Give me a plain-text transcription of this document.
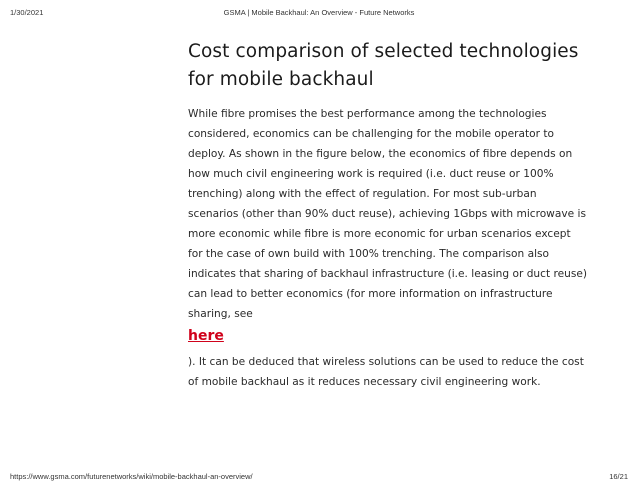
1/30/2021	GSMA | Mobile Backhaul: An Overview - Future Networks
Cost comparison of selected technologies
for mobile backhaul

While fibre promises the best performance among the technologies
considered, economics can be challenging for the mobile operator to
deploy. As shown in the figure below, the economics of fibre depends on
how much civil engineering work is required (i.e. duct reuse or 100%
trenching) along with the effect of regulation. For most sub-urban
scenarios (other than 90% duct reuse), achieving 1Gbps with microwave is
more economic while fibre is more economic for urban scenarios except
for the case of own build with 100% trenching. The comparison also
indicates that sharing of backhaul infrastructure (i.e. leasing or duct reuse)
can lead to better economics (for more information on infrastructure
sharing, see

here

). It can be deduced that wireless solutions can be used to reduce the cost
of mobile backhaul as it reduces necessary civil engineering work.

https://www.gsma.com/futurenetworks/wiki/mobile-backhaul-an-overview/	16/21
